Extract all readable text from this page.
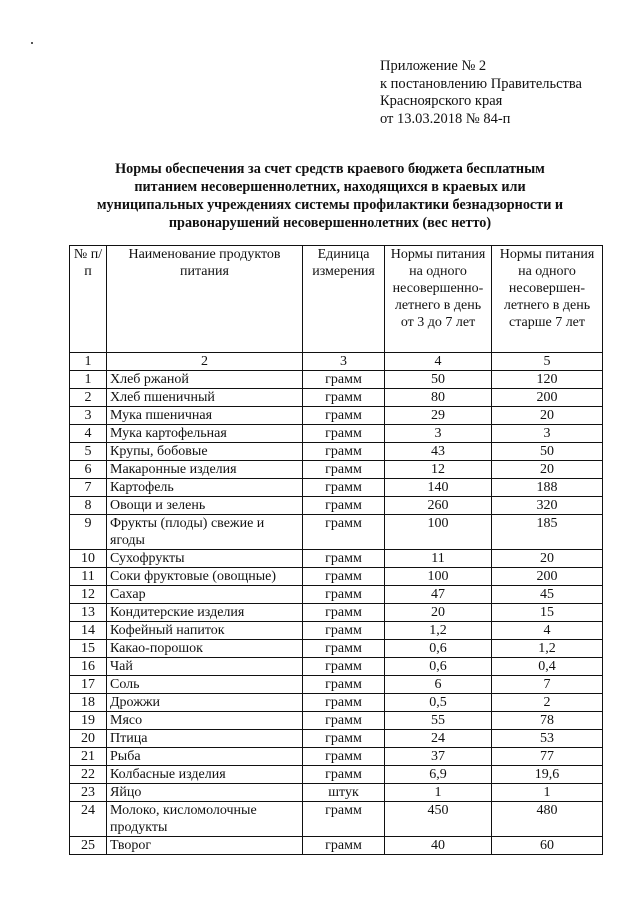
Приложение № 2
к постановлению Правительства
Красноярского края
от 13.03.2018 № 84-п
Нормы обеспечения за счет средств краевого бюджета бесплатным
питанием несовершеннолетних, находящихся в краевых или
муниципальных учреждениях системы профилактики безнадзорности и
правонарушений несовершеннолетних (вес нетто)
№ п/п	Наименование продуктов питания	Единица измерения	Нормы питания на одного несовершенно-летнего в день от 3 до 7 лет	Нормы питания на одного несовершен-летнего в день старше 7 лет
1	2	3	4	5
1	Хлеб ржаной	грамм	50	120
2	Хлеб пшеничный	грамм	80	200
3	Мука пшеничная	грамм	29	20
4	Мука картофельная	грамм	3	3
5	Крупы, бобовые	грамм	43	50
6	Макаронные изделия	грамм	12	20
7	Картофель	грамм	140	188
8	Овощи и зелень	грамм	260	320
9	Фрукты (плоды) свежие и ягоды	грамм	100	185
10	Сухофрукты	грамм	11	20
11	Соки фруктовые (овощные)	грамм	100	200
12	Сахар	грамм	47	45
13	Кондитерские изделия	грамм	20	15
14	Кофейный напиток	грамм	1,2	4
15	Какао-порошок	грамм	0,6	1,2
16	Чай	грамм	0,6	0,4
17	Соль	грамм	6	7
18	Дрожжи	грамм	0,5	2
19	Мясо	грамм	55	78
20	Птица	грамм	24	53
21	Рыба	грамм	37	77
22	Колбасные изделия	грамм	6,9	19,6
23	Яйцо	штук	1	1
24	Молоко, кисломолочные продукты	грамм	450	480
25	Творог	грамм	40	60
